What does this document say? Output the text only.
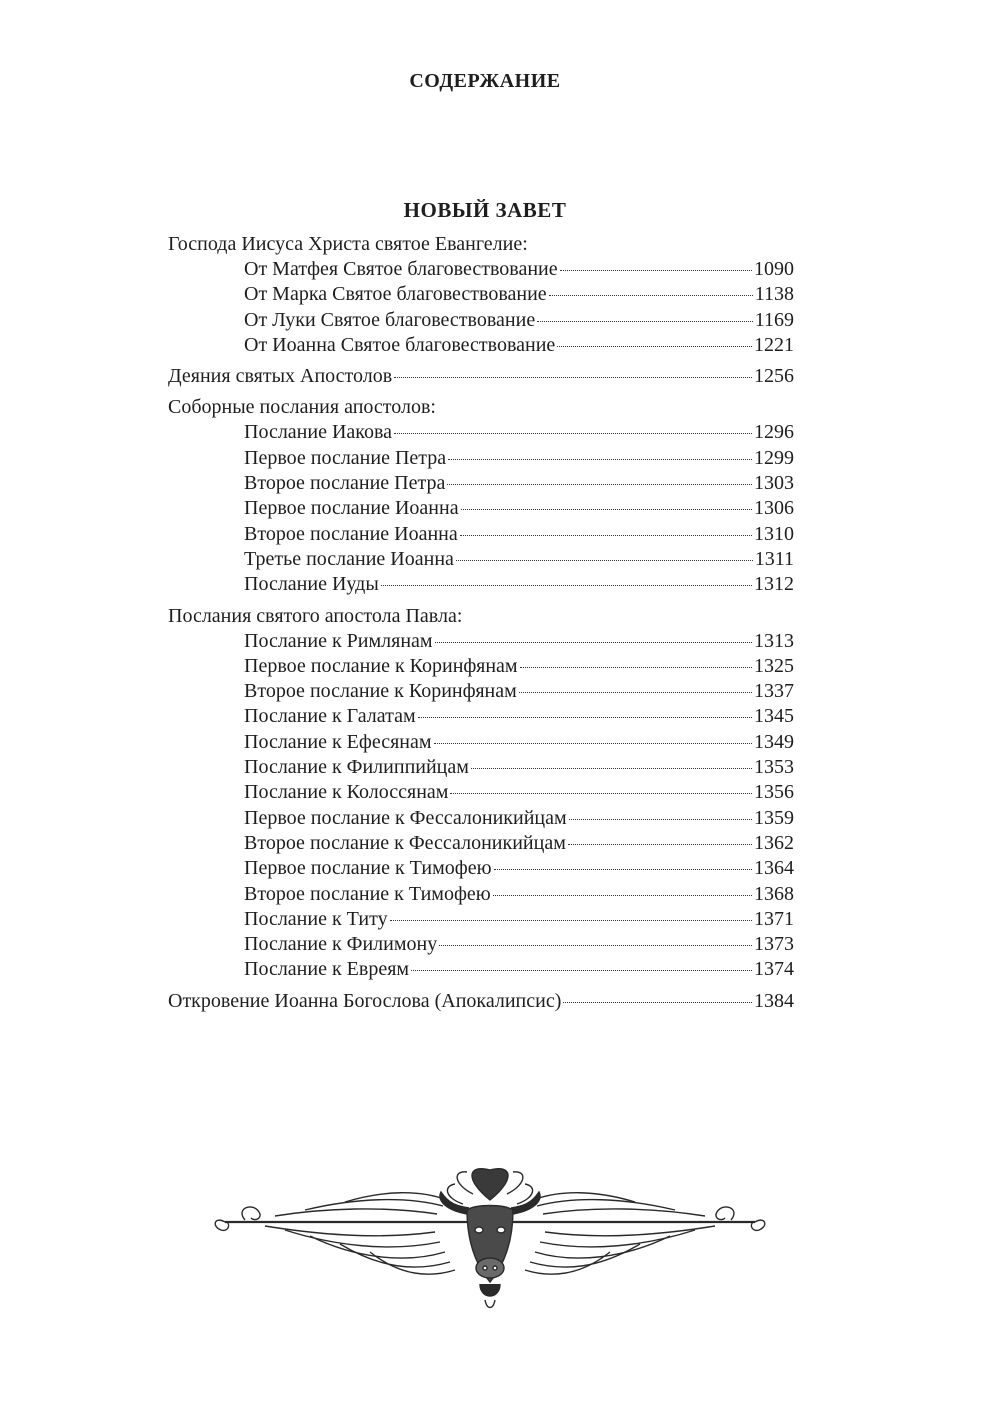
СОДЕРЖАНИЕ
НОВЫЙ ЗАВЕТ
Господа Иисуса Христа святое Евангелие:
От Матфея Святое благовествование	1090
От Марка Святое благовествование	1138
От Луки Святое благовествование	1169
От Иоанна Святое благовествование	1221
Деяния святых Апостолов	1256
Соборные послания апостолов:
Послание Иакова	1296
Первое послание Петра	1299
Второе послание Петра	1303
Первое послание Иоанна	1306
Второе послание Иоанна	1310
Третье послание Иоанна	1311
Послание Иуды	1312
Послания святого апостола Павла:
Послание к Римлянам	1313
Первое послание к Коринфянам	1325
Второе послание к Коринфянам	1337
Послание к Галатам	1345
Послание к Ефесянам	1349
Послание к Филиппийцам	1353
Послание к Колоссянам	1356
Первое послание к Фессалоникийцам	1359
Второе послание к Фессалоникийцам	1362
Первое послание к Тимофею	1364
Второе послание к Тимофею	1368
Послание к Титу	1371
Послание к Филимону	1373
Послание к Евреям	1374
Откровение Иоанна Богослова (Апокалипсис)	1384
